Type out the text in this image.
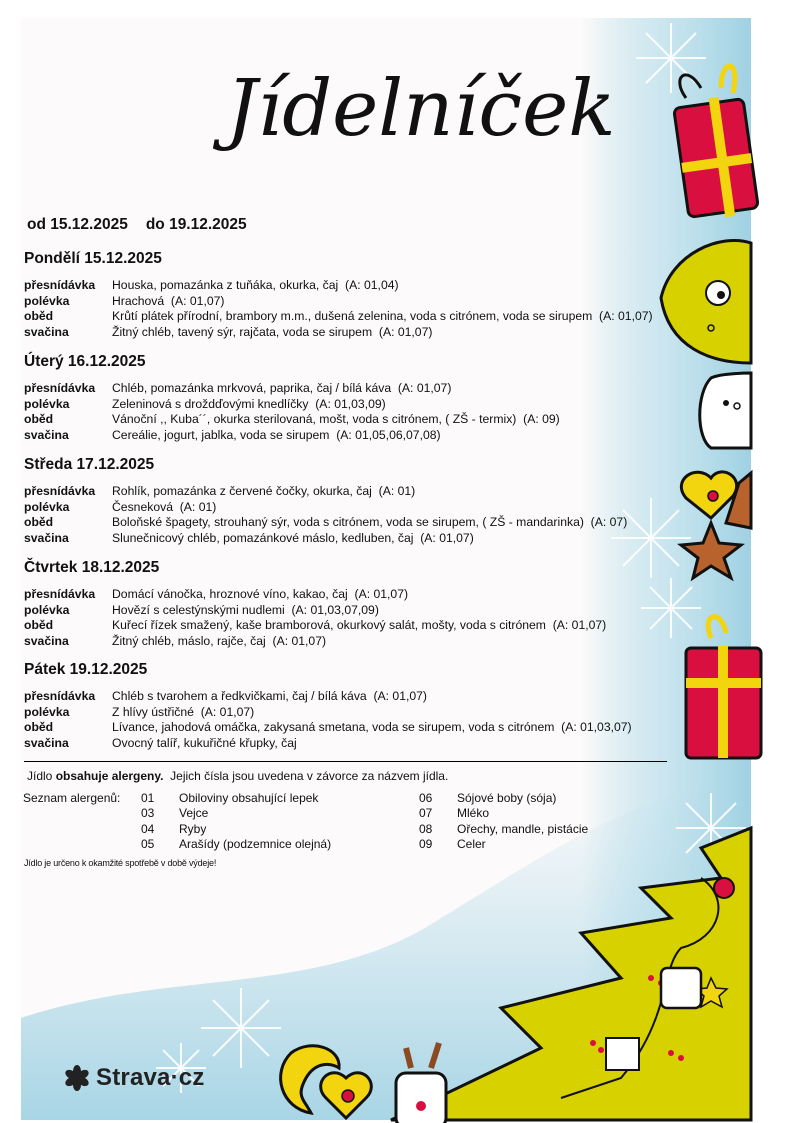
Jídelníček
od 15.12.2025 do 19.12.2025
Pondělí 15.12.2025
přesnídávka	Houska, pomazánka z tuňáka, okurka, čaj  (A: 01,04)
polévka	Hrachová  (A: 01,07)
oběd	Krůtí plátek přírodní, brambory m.m., dušená zelenina, voda s citrónem, voda se sirupem  (A: 01,07)
svačina	Žitný chléb, tavený sýr, rajčata, voda se sirupem  (A: 01,07)
Úterý 16.12.2025
přesnídávka	Chléb, pomazánka mrkvová, paprika, čaj / bílá káva  (A: 01,07)
polévka	Zeleninová s droždďovými knedlíčky  (A: 01,03,09)
oběd	Vánoční ,, Kuba´´, okurka sterilovaná, mošt, voda s citrónem, ( ZŠ - termix)  (A: 09)
svačina	Cereálie, jogurt, jablka, voda se sirupem  (A: 01,05,06,07,08)
Středa 17.12.2025
přesnídávka	Rohlík, pomazánka z červené čočky, okurka, čaj  (A: 01)
polévka	Česneková  (A: 01)
oběd	Boloňské špagety, strouhaný sýr, voda s citrónem, voda se sirupem, ( ZŠ - mandarinka)  (A: 07)
svačina	Slunečnicový chléb, pomazánkové máslo, kedluben, čaj  (A: 01,07)
Čtvrtek 18.12.2025
přesnídávka	Domácí vánočka, hroznové víno, kakao, čaj  (A: 01,07)
polévka	Hovězí s celestýnskými nudlemi  (A: 01,03,07,09)
oběd	Kuřecí řízek smažený, kaše bramborová, okurkový salát, mošty, voda s citrónem  (A: 01,07)
svačina	Žitný chléb, máslo, rajče, čaj  (A: 01,07)
Pátek 19.12.2025
přesnídávka	Chléb s tvarohem a ředkvičkami, čaj / bílá káva  (A: 01,07)
polévka	Z hlívy ústřičné  (A: 01,07)
oběd	Lívance, jahodová omáčka, zakysaná smetana, voda se sirupem, voda s citrónem  (A: 01,03,07)
svačina	Ovocný talíř, kukuřičné křupky, čaj
Jídlo obsahuje alergeny.  Jejich čísla jsou uvedena v závorce za názvem jídla.
Seznam alergenů: 01	Obiloviny obsahující lepek
03	Vejce
04	Ryby
05	Arašídy (podzemnice olejná)
06	Sójové boby (sója)
07	Mléko
08	Ořechy, mandle, pistácie
09	Celer
Jídlo je určeno k okamžité spotřebě v době výdeje!
Strava·cz
